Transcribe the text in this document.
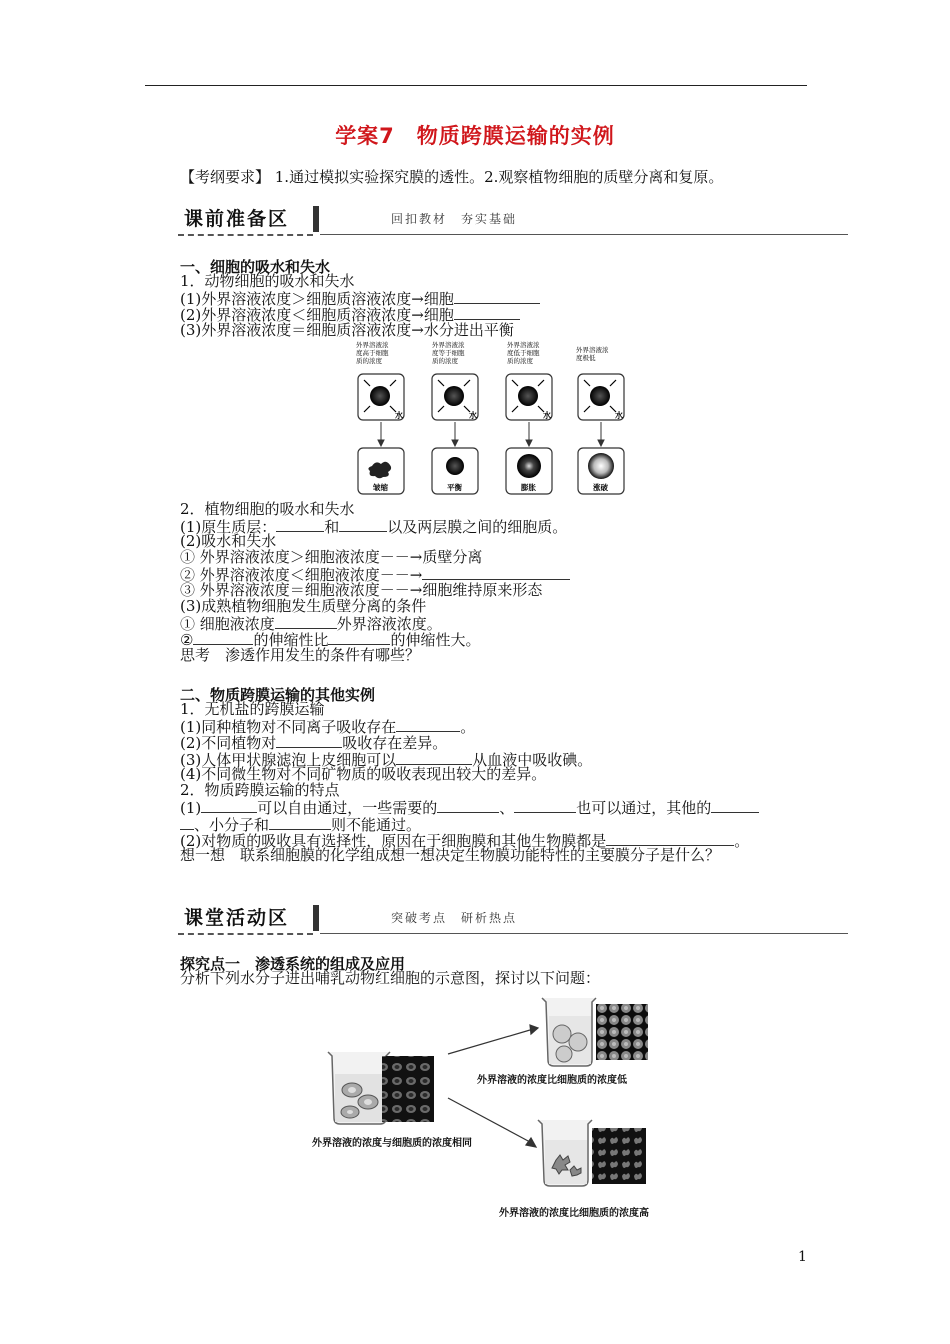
学案7　物质跨膜运输的实例
【考纲要求】 1.通过模拟实验探究膜的透性。2.观察植物细胞的质壁分离和复原。
课前准备区	回扣教材　夯实基础
一、细胞的吸水和失水
1．动物细胞的吸水和失水
(1)外界溶液浓度＞细胞质溶液浓度→细胞
(2)外界溶液浓度＜细胞质溶液浓度→细胞
(3)外界溶液浓度＝细胞质溶液浓度→水分进出平衡
外界溶液浓
度高于细胞
质的浓度
外界溶液浓
度等于细胞
质的浓度
外界溶液浓
度低于细胞
质的浓度
外界溶液浓
度极低
水	水	水	水
皱缩	平衡	膨胀	涨破
2．植物细胞的吸水和失水
(1)原生质层：	和	以及两层膜之间的细胞质。
(2)吸水和失水
① 外界溶液浓度＞细胞液浓度－－→质壁分离
② 外界溶液浓度＜细胞液浓度－－→
③ 外界溶液浓度＝细胞液浓度－－→细胞维持原来形态
(3)成熟植物细胞发生质壁分离的条件
① 细胞液浓度	外界溶液浓度。
②	的伸缩性比	的伸缩性大。
思考　渗透作用发生的条件有哪些？
二、物质跨膜运输的其他实例
1．无机盐的跨膜运输
(1)同种植物对不同离子吸收存在	。
(2)不同植物对	吸收存在差异。
(3)人体甲状腺滤泡上皮细胞可以	从血液中吸收碘。
(4)不同微生物对不同矿物质的吸收表现出较大的差异。
2．物质跨膜运输的特点
(1)	可以自由通过，一些需要的	、	也可以通过，其他的
、小分子和	则不能通过。
(2)对物质的吸收具有选择性，原因在于细胞膜和其他生物膜都是	。
想一想　联系细胞膜的化学组成想一想决定生物膜功能特性的主要膜分子是什么？
课堂活动区	突破考点　研析热点
探究点一　渗透系统的组成及应用
分析下列水分子进出哺乳动物红细胞的示意图，探讨以下问题：
外界溶液的浓度与细胞质的浓度相同
外界溶液的浓度比细胞质的浓度低
外界溶液的浓度比细胞质的浓度高
1
